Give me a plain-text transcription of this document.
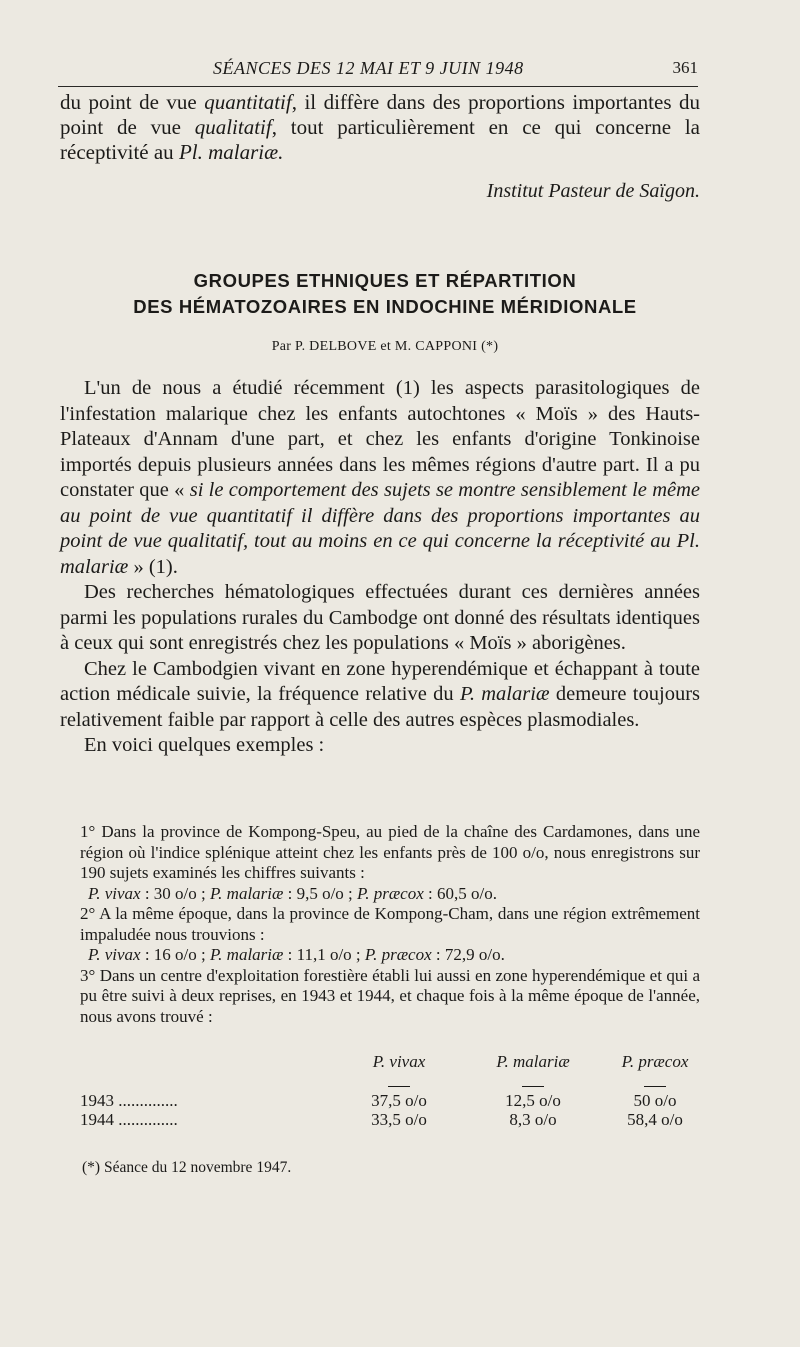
SÉANCES DES 12 MAI ET 9 JUIN 1948	361
du point de vue quantitatif, il diffère dans des proportions importantes du point de vue qualitatif, tout particulièrement en ce qui concerne la réceptivité au Pl. malariæ.
Institut Pasteur de Saïgon.
GROUPES ETHNIQUES ET RÉPARTITION
DES HÉMATOZOAIRES EN INDOCHINE MÉRIDIONALE
Par P. DELBOVE et M. CAPPONI (*)

L'un de nous a étudié récemment (1) les aspects parasitologiques de l'infestation malarique chez les enfants autochtones « Moïs » des Hauts-Plateaux d'Annam d'une part, et chez les enfants d'origine Tonkinoise importés depuis plusieurs années dans les mêmes régions d'autre part. Il a pu constater que « si le comportement des sujets se montre sensiblement le même au point de vue quantitatif il diffère dans des proportions importantes au point de vue qualitatif, tout au moins en ce qui concerne la réceptivité au Pl. malariæ » (1).

Des recherches hématologiques effectuées durant ces dernières années parmi les populations rurales du Cambodge ont donné des résultats identiques à ceux qui sont enregistrés chez les populations « Moïs » aborigènes.

Chez le Cambodgien vivant en zone hyperendémique et échappant à toute action médicale suivie, la fréquence relative du P. malariæ demeure toujours relativement faible par rapport à celle des autres espèces plasmodiales.

En voici quelques exemples :

1° Dans la province de Kompong-Speu, au pied de la chaîne des Cardamones, dans une région où l'indice splénique atteint chez les enfants près de 100 o/o, nous enregistrons sur 190 sujets examinés les chiffres suivants :

P. vivax : 30 o/o ; P. malariæ : 9,5 o/o ; P. præcox : 60,5 o/o.

2° A la même époque, dans la province de Kompong-Cham, dans une région extrêmement impaludée nous trouvions :

P. vivax : 16 o/o ; P. malariæ : 11,1 o/o ; P. præcox : 72,9 o/o.

3° Dans un centre d'exploitation forestière établi lui aussi en zone hyperendémique et qui a pu être suivi à deux reprises, en 1943 et 1944, et chaque fois à la même époque de l'année, nous avons trouvé :

	P. vivax	P. malariæ	P. præcox

1943 ..............	37,5 o/o	12,5 o/o	50 o/o
1944 ..............	33,5 o/o	8,3 o/o	58,4 o/o
(*) Séance du 12 novembre 1947.
